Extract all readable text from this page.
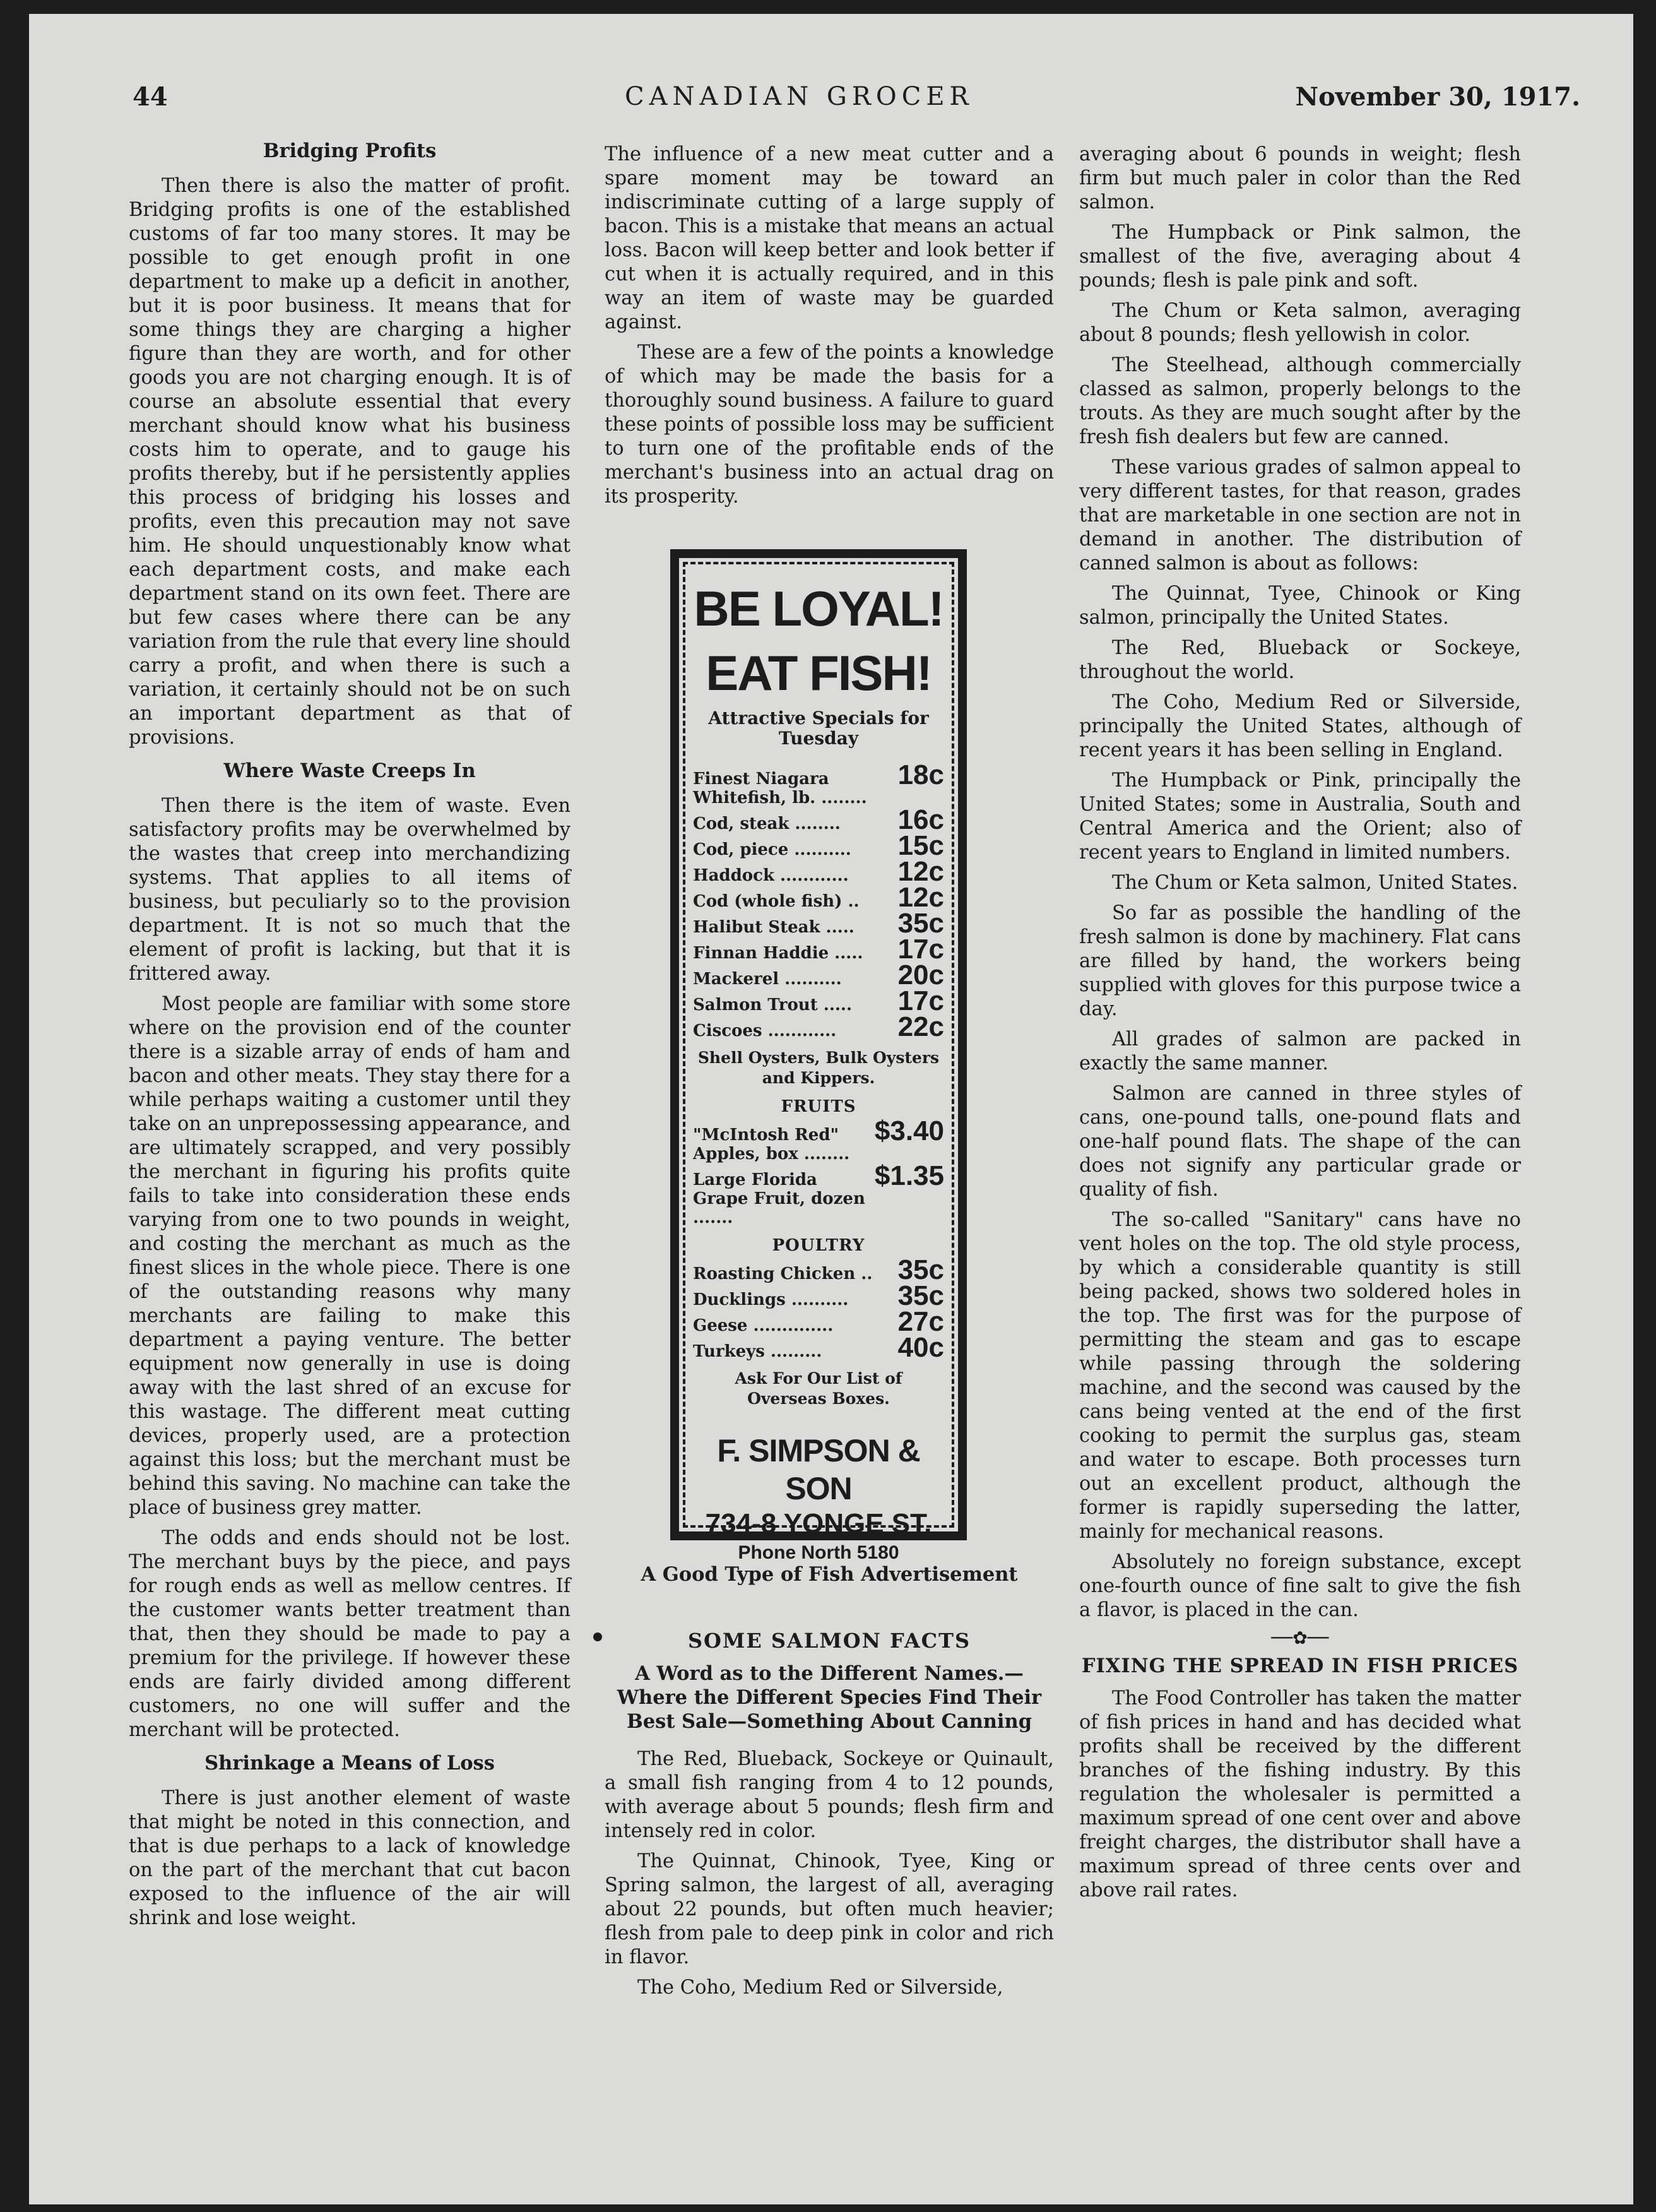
44	CANADIAN GROCER	November 30, 1917.
Bridging Profits

Then there is also the matter of profit. Bridging profits is one of the established customs of far too many stores. It may be possible to get enough profit in one department to make up a deficit in another, but it is poor business. It means that for some things they are charging a higher figure than they are worth, and for other goods you are not charging enough. It is of course an absolute essential that every merchant should know what his business costs him to operate, and to gauge his profits thereby, but if he persistently applies this process of bridging his losses and profits, even this precaution may not save him. He should unquestionably know what each department costs, and make each department stand on its own feet. There are but few cases where there can be any variation from the rule that every line should carry a profit, and when there is such a variation, it certainly should not be on such an important department as that of provisions.

Where Waste Creeps In

Then there is the item of waste. Even satisfactory profits may be overwhelmed by the wastes that creep into merchandizing systems. That applies to all items of business, but peculiarly so to the provision department. It is not so much that the element of profit is lacking, but that it is frittered away.

Most people are familiar with some store where on the provision end of the counter there is a sizable array of ends of ham and bacon and other meats. They stay there for a while perhaps waiting a customer until they take on an unprepossessing appearance, and are ultimately scrapped, and very possibly the merchant in figuring his profits quite fails to take into consideration these ends varying from one to two pounds in weight, and costing the merchant as much as the finest slices in the whole piece. There is one of the outstanding reasons why many merchants are failing to make this department a paying venture. The better equipment now generally in use is doing away with the last shred of an excuse for this wastage. The different meat cutting devices, properly used, are a protection against this loss; but the merchant must be behind this saving. No machine can take the place of business grey matter.

The odds and ends should not be lost. The merchant buys by the piece, and pays for rough ends as well as mellow centres. If the customer wants better treatment than that, then they should be made to pay a premium for the privilege. If however these ends are fairly divided among different customers, no one will suffer and the merchant will be protected.

Shrinkage a Means of Loss

There is just another element of waste that might be noted in this connection, and that is due perhaps to a lack of knowledge on the part of the merchant that cut bacon exposed to the influence of the air will shrink and lose weight.

The influence of a new meat cutter and a spare moment may be toward an indiscriminate cutting of a large supply of bacon. This is a mistake that means an actual loss. Bacon will keep better and look better if cut when it is actually required, and in this way an item of waste may be guarded against.

These are a few of the points a knowledge of which may be made the basis for a thoroughly sound business. A failure to guard these points of possible loss may be sufficient to turn one of the profitable ends of the merchant's business into an actual drag on its prosperity.

BE LOYAL!
EAT FISH!
Attractive Specials for Tuesday
Finest Niagara Whitefish, lb. ........
18c
Cod, steak ........ 16c
Cod, piece .......... 15c
Haddock ............ 12c
Cod (whole fish) .. 12c
Halibut Steak ..... 35c
Finnan Haddie ..... 17c
Mackerel .......... 20c
Salmon Trout ..... 17c
Ciscoes ............ 22c
Shell Oysters, Bulk Oysters and Kippers.
FRUITS
"McIntosh Red" Apples, box ........
$3.40
Large Florida Grape Fruit, dozen .......
$1.35
POULTRY
Roasting Chicken .. 35c
Ducklings .......... 35c
Geese .............. 27c
Turkeys .........	40c
Ask For Our List of Overseas Boxes.
F. SIMPSON & SON
734-8 YONGE ST.
Phone North 5180
A Good Type of Fish Advertisement
SOME SALMON FACTS
A Word as to the Different Names.— Where the Different Species Find Their Best Sale—Something About Canning

The Red, Blueback, Sockeye or Quinault, a small fish ranging from 4 to 12 pounds, with average about 5 pounds; flesh firm and intensely red in color.

The Quinnat, Chinook, Tyee, King or Spring salmon, the largest of all, averaging about 22 pounds, but often much heavier; flesh from pale to deep pink in color and rich in flavor.

The Coho, Medium Red or Silverside,

averaging about 6 pounds in weight; flesh firm but much paler in color than the Red salmon.

The Humpback or Pink salmon, the smallest of the five, averaging about 4 pounds; flesh is pale pink and soft.

The Chum or Keta salmon, averaging about 8 pounds; flesh yellowish in color.

The Steelhead, although commercially classed as salmon, properly belongs to the trouts. As they are much sought after by the fresh fish dealers but few are canned.

These various grades of salmon appeal to very different tastes, for that reason, grades that are marketable in one section are not in demand in another. The distribution of canned salmon is about as follows:

The Quinnat, Tyee, Chinook or King salmon, principally the United States.

The Red, Blueback or Sockeye, throughout the world.

The Coho, Medium Red or Silverside, principally the United States, although of recent years it has been selling in England.

The Humpback or Pink, principally the United States; some in Australia, South and Central America and the Orient; also of recent years to England in limited numbers.

The Chum or Keta salmon, United States.

So far as possible the handling of the fresh salmon is done by machinery. Flat cans are filled by hand, the workers being supplied with gloves for this purpose twice a day.

All grades of salmon are packed in exactly the same manner.

Salmon are canned in three styles of cans, one-pound talls, one-pound flats and one-half pound flats. The shape of the can does not signify any particular grade or quality of fish.

The so-called "Sanitary" cans have no vent holes on the top. The old style process, by which a considerable quantity is still being packed, shows two soldered holes in the top. The first was for the purpose of permitting the steam and gas to escape while passing through the soldering machine, and the second was caused by the cans being vented at the end of the first cooking to permit the surplus gas, steam and water to escape. Both processes turn out an excellent product, although the former is rapidly superseding the latter, mainly for mechanical reasons.

Absolutely no foreign substance, except one-fourth ounce of fine salt to give the fish a flavor, is placed in the can.

──✿──
FIXING THE SPREAD IN FISH PRICES

The Food Controller has taken the matter of fish prices in hand and has decided what profits shall be received by the different branches of the fishing industry. By this regulation the wholesaler is permitted a maximum spread of one cent over and above freight charges, the distributor shall have a maximum spread of three cents over and above rail rates.
